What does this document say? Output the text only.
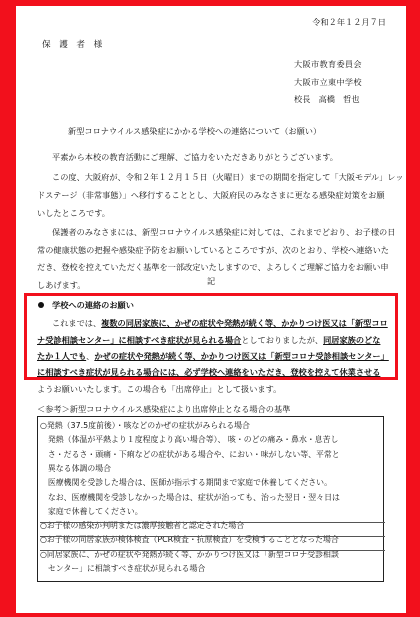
令和２年１２月７日
保　護　者　様
大阪市教育委員会
大阪市立東中学校
校長　高橋　哲也
新型コロナウイルス感染症にかかる学校への連絡について（お願い）
平素から本校の教育活動にご理解、ご協力をいただきありがとうございます。
この度、大阪府が、令和２年１２月１５日（火曜日）までの期間を指定して「大阪モデル」レッ
ドステージ（非常事態）」へ移行することとし、大阪府民のみなさまに更なる感染症対策をお願
いしたところです。
保護者のみなさまには、新型コロナウイルス感染症に対しては、これまでどおり、お子様の日
常の健康状態の把握や感染症予防をお願いしているところですが、次のとおり、学校へ連絡いた
だき、登校を控えていただく基準を一部改定いたしますので、よろしくご理解ご協力をお願い申
しあげます。
学校への連絡のお願い
これまでは、複数の同居家族に、かぜの症状や発熱が続く等、かかりつけ医又は「新型コロ
ナ受診相談センター」に相談すべき症状が見られる場合としておりましたが、同居家族のどな
たか１人でも、かぜの症状や発熱が続く等、かかりつけ医又は「新型コロナ受診相談センター」
に相談すべき症状が見られる場合には、必ず学校へ連絡をいただき、登校を控えて休業させる
ようお願いいたします。この場合も「出席停止」として扱います。
記
＜参考＞新型コロナウイルス感染症により出席停止となる場合の基準
○発熱（37.5度前後）・咳などのかぜの症状がみられる場合
　発熱（体温が平熱より１度程度より高い場合等）、 咳・のどの痛み・鼻水・息苦し
　さ・だるさ・頭痛・下痢などの症状がある場合や、におい・味がしない等、平常と
　異なる体調の場合
　医療機関を受診した場合は、医師が指示する期間まで家庭で休養してください。
　なお、医療機関を受診しなかった場合は、症状が治っても、治った翌日・翌々日は
　家庭で休養してください。
○お子様の感染が判明または濃厚接触者と認定された場合
○お子様の同居家族が検体検査（PCR検査・抗原検査）を受検することとなった場合
○同居家族に、かぜの症状や発熱が続く等、かかりつけ医又は「新型コロナ受診相談
　センター」に相談すべき症状が見られる場合
